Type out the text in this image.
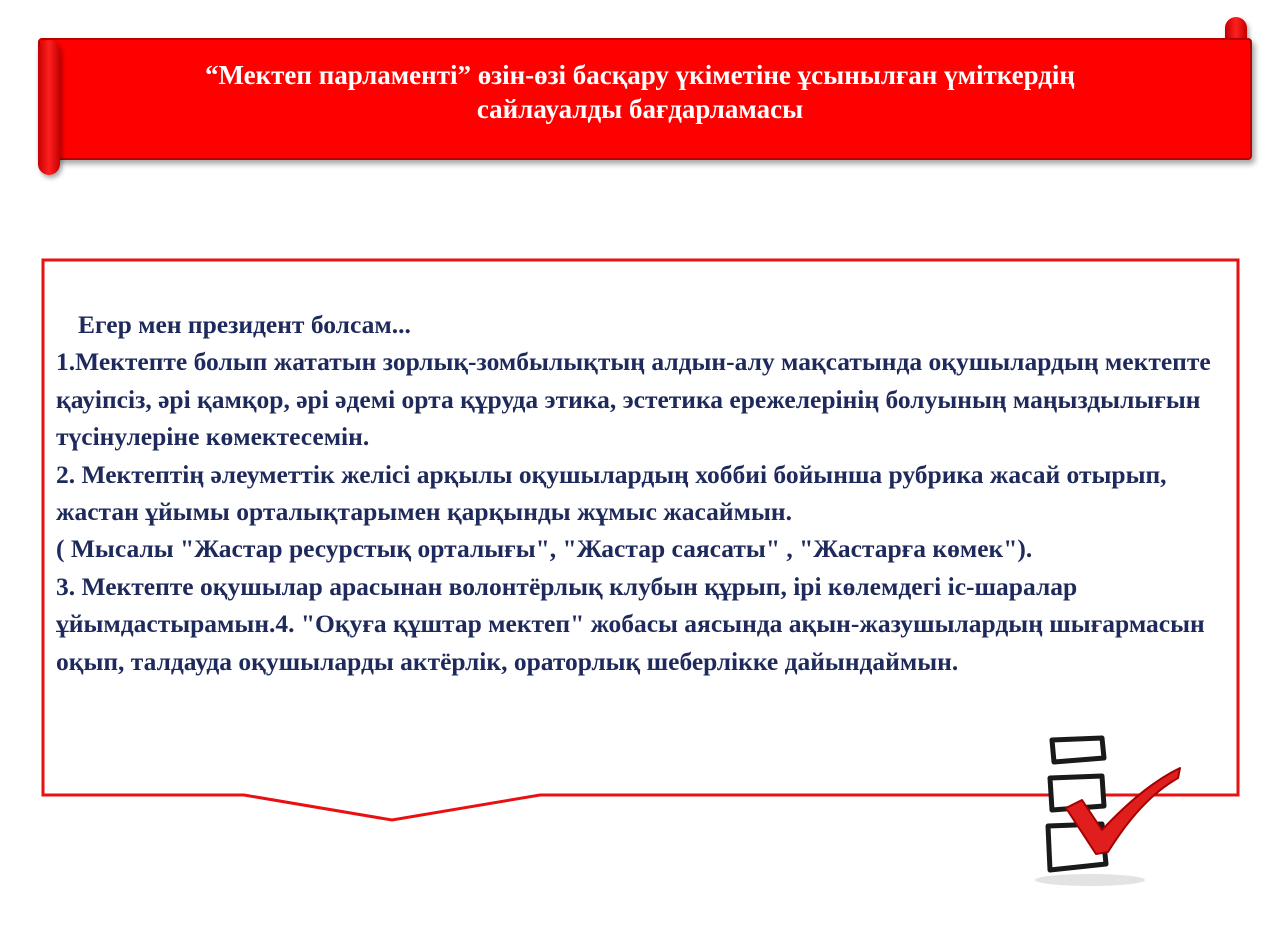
“Мектеп парламенті” өзін-өзі басқару үкіметіне ұсынылған үміткердің
сайлауалды бағдарламасы

Егер мен президент болсам...

1.Мектепте болып жататын зорлық-зомбылықтың алдын-алу мақсатында оқушылардың мектепте қауіпсіз, әрі қамқор, әрі әдемі орта құруда этика, эстетика ережелерінің болуының маңыздылығын түсінулеріне көмектесемін.

2. Мектептің әлеуметтік желісі арқылы оқушылардың хоббиі бойынша рубрика жасай отырып, жастан ұйымы орталықтарымен қарқынды жұмыс жасаймын.

( Мысалы "Жастар ресурстық орталығы", "Жастар саясаты" , "Жастарға көмек").

3. Мектепте оқушылар арасынан волонтёрлық клубын құрып, ірі көлемдегі іс-шаралар ұйымдастырамын.4. "Оқуға құштар мектеп" жобасы аясында ақын-жазушылардың шығармасын оқып, талдауда оқушыларды актёрлік, ораторлық шеберлікке дайындаймын.
